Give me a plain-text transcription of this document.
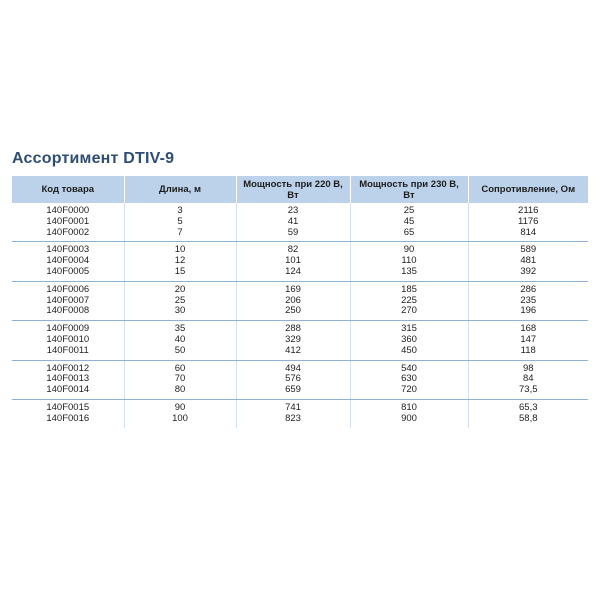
Ассортимент DTIV-9
Код товара	Длина, м	Мощность при 220 В, Вт	Мощность при 230 В, Вт	Сопротивление, Ом
140F0000	3	23	25	2116
140F0001	5	41	45	1176
140F0002	7	59	65	814
140F0003	10	82	90	589
140F0004	12	101	110	481
140F0005	15	124	135	392
140F0006	20	169	185	286
140F0007	25	206	225	235
140F0008	30	250	270	196
140F0009	35	288	315	168
140F0010	40	329	360	147
140F0011	50	412	450	118
140F0012	60	494	540	98
140F0013	70	576	630	84
140F0014	80	659	720	73,5
140F0015	90	741	810	65,3
140F0016	100	823	900	58,8
